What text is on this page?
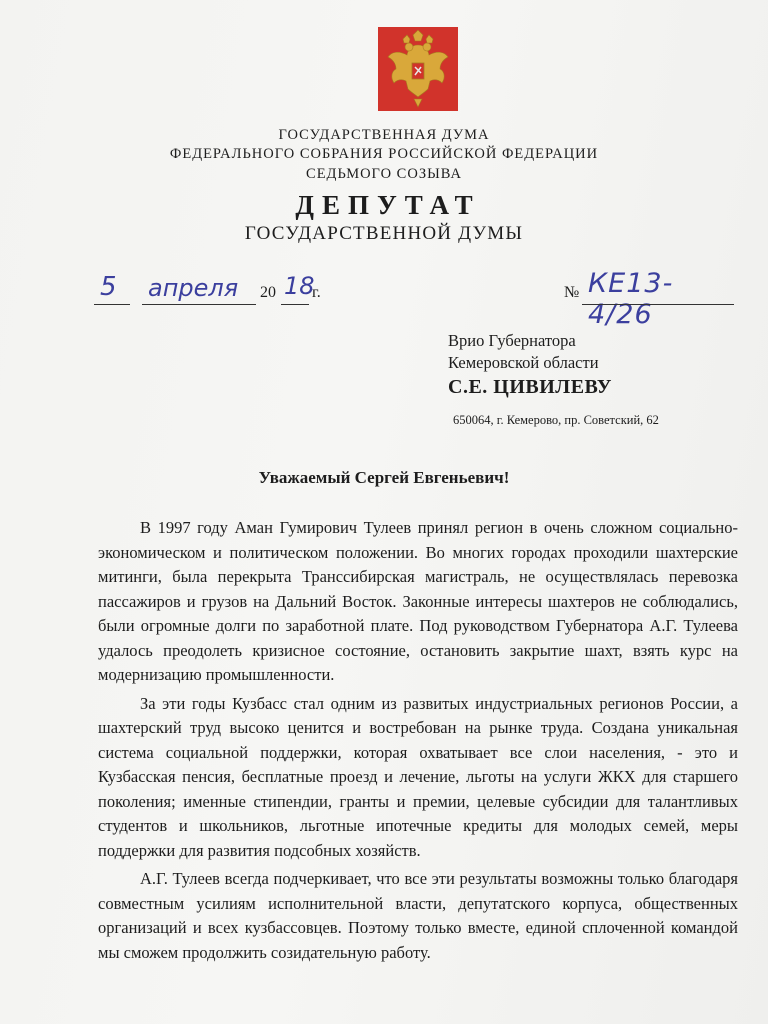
ГОСУДАРСТВЕННАЯ ДУМА
ФЕДЕРАЛЬНОГО СОБРАНИЯ РОССИЙСКОЙ ФЕДЕРАЦИИ
СЕДЬМОГО СОЗЫВА
ДЕПУТАТ
ГОСУДАРСТВЕННОЙ ДУМЫ
5 апреля 20 18
г.	№ КЕ13-4/26
Врио Губернатора
Кемеровской области
С.Е. ЦИВИЛЕВУ
650064, г. Кемерово, пр. Советский, 62
Уважаемый Сергей Евгеньевич!

В 1997 году Аман Гумирович Тулеев принял регион в очень сложном социально-экономическом и политическом положении. Во многих городах проходили шахтерские митинги, была перекрыта Транссибирская магистраль, не осуществлялась перевозка пассажиров и грузов на Дальний Восток. Законные интересы шахтеров не соблюдались, были огромные долги по заработной плате. Под руководством Губернатора А.Г. Тулеева удалось преодолеть кризисное состояние, остановить закрытие шахт, взять курс на модернизацию промышленности.

За эти годы Кузбасс стал одним из развитых индустриальных регионов России, а шахтерский труд высоко ценится и востребован на рынке труда. Создана уникальная система социальной поддержки, которая охватывает все слои населения, - это и Кузбасская пенсия, бесплатные проезд и лечение, льготы на услуги ЖКХ для старшего поколения; именные стипендии, гранты и премии, целевые субсидии для талантливых студентов и школьников, льготные ипотечные кредиты для молодых семей, меры поддержки для развития подсобных хозяйств.

А.Г. Тулеев всегда подчеркивает, что все эти результаты возможны только благодаря совместным усилиям исполнительной власти, депутатского корпуса, общественных организаций и всех кузбассовцев. Поэтому только вместе, единой сплоченной командой мы сможем продолжить созидательную работу.
